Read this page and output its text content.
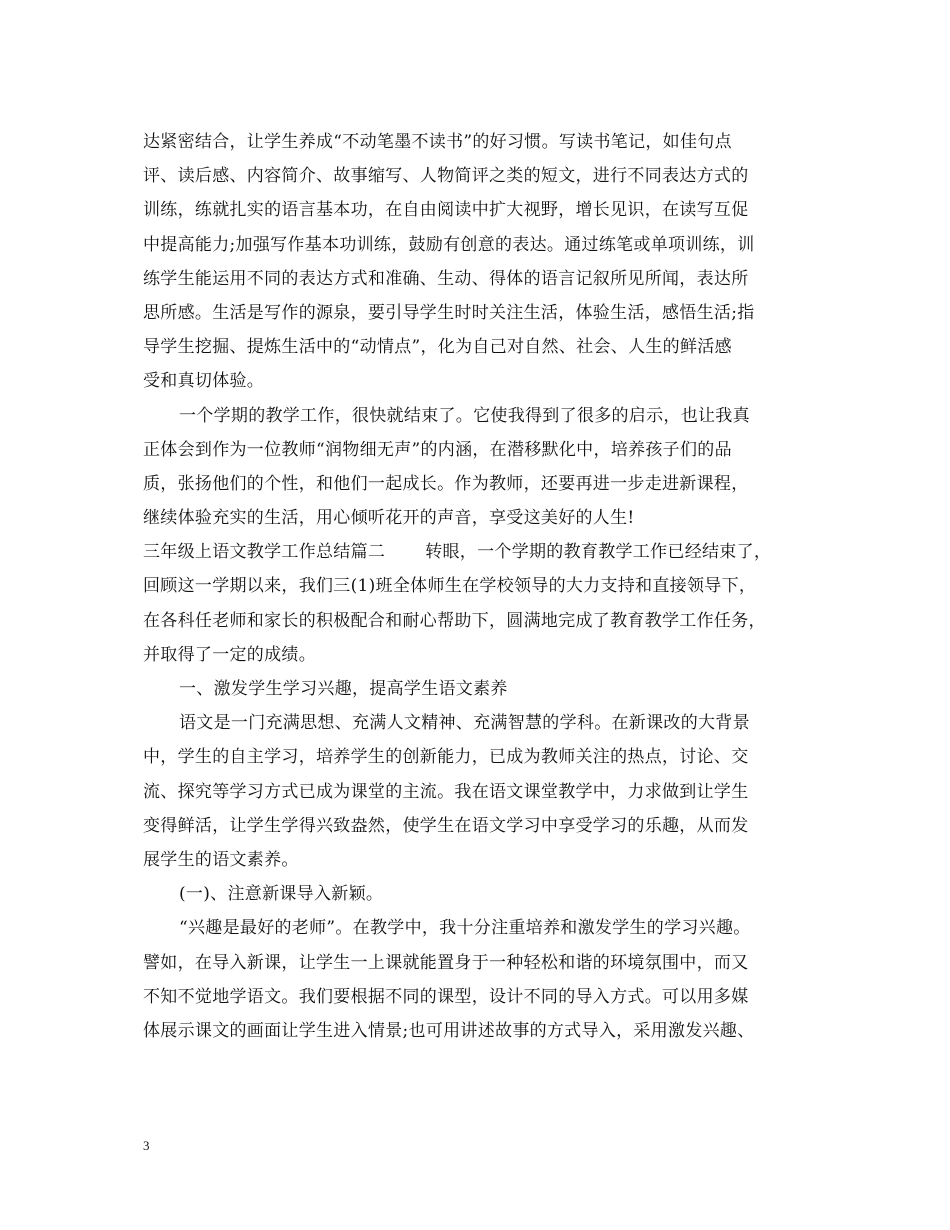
达紧密结合，让学生养成“不动笔墨不读书”的好习惯。写读书笔记，如佳句点
评、读后感、内容简介、故事缩写、人物简评之类的短文，进行不同表达方式的
训练，练就扎实的语言基本功，在自由阅读中扩大视野，增长见识，在读写互促
中提高能力;加强写作基本功训练，鼓励有创意的表达。通过练笔或单项训练，训
练学生能运用不同的表达方式和准确、生动、得体的语言记叙所见所闻，表达所
思所感。生活是写作的源泉，要引导学生时时关注生活，体验生活，感悟生活;指
导学生挖掘、提炼生活中的“动情点”，化为自己对自然、社会、人生的鲜活感
受和真切体验。
一个学期的教学工作，很快就结束了。它使我得到了很多的启示，也让我真
正体会到作为一位教师“润物细无声”的内涵，在潜移默化中，培养孩子们的品
质，张扬他们的个性，和他们一起成长。作为教师，还要再进一步走进新课程，
继续体验充实的生活，用心倾听花开的声音，享受这美好的人生!
三年级上语文教学工作总结篇二 转眼，一个学期的教育教学工作已经结束了，
回顾这一学期以来，我们三(1)班全体师生在学校领导的大力支持和直接领导下，
在各科任老师和家长的积极配合和耐心帮助下，圆满地完成了教育教学工作任务，
并取得了一定的成绩。
一、激发学生学习兴趣，提高学生语文素养
语文是一门充满思想、充满人文精神、充满智慧的学科。在新课改的大背景
中，学生的自主学习，培养学生的创新能力，已成为教师关注的热点，讨论、交
流、探究等学习方式已成为课堂的主流。我在语文课堂教学中，力求做到让学生
变得鲜活，让学生学得兴致盎然，使学生在语文学习中享受学习的乐趣，从而发
展学生的语文素养。
(一)、注意新课导入新颖。
“兴趣是最好的老师”。在教学中，我十分注重培养和激发学生的学习兴趣。
譬如，在导入新课，让学生一上课就能置身于一种轻松和谐的环境氛围中，而又
不知不觉地学语文。我们要根据不同的课型，设计不同的导入方式。可以用多媒
体展示课文的画面让学生进入情景;也可用讲述故事的方式导入，采用激发兴趣、
3
